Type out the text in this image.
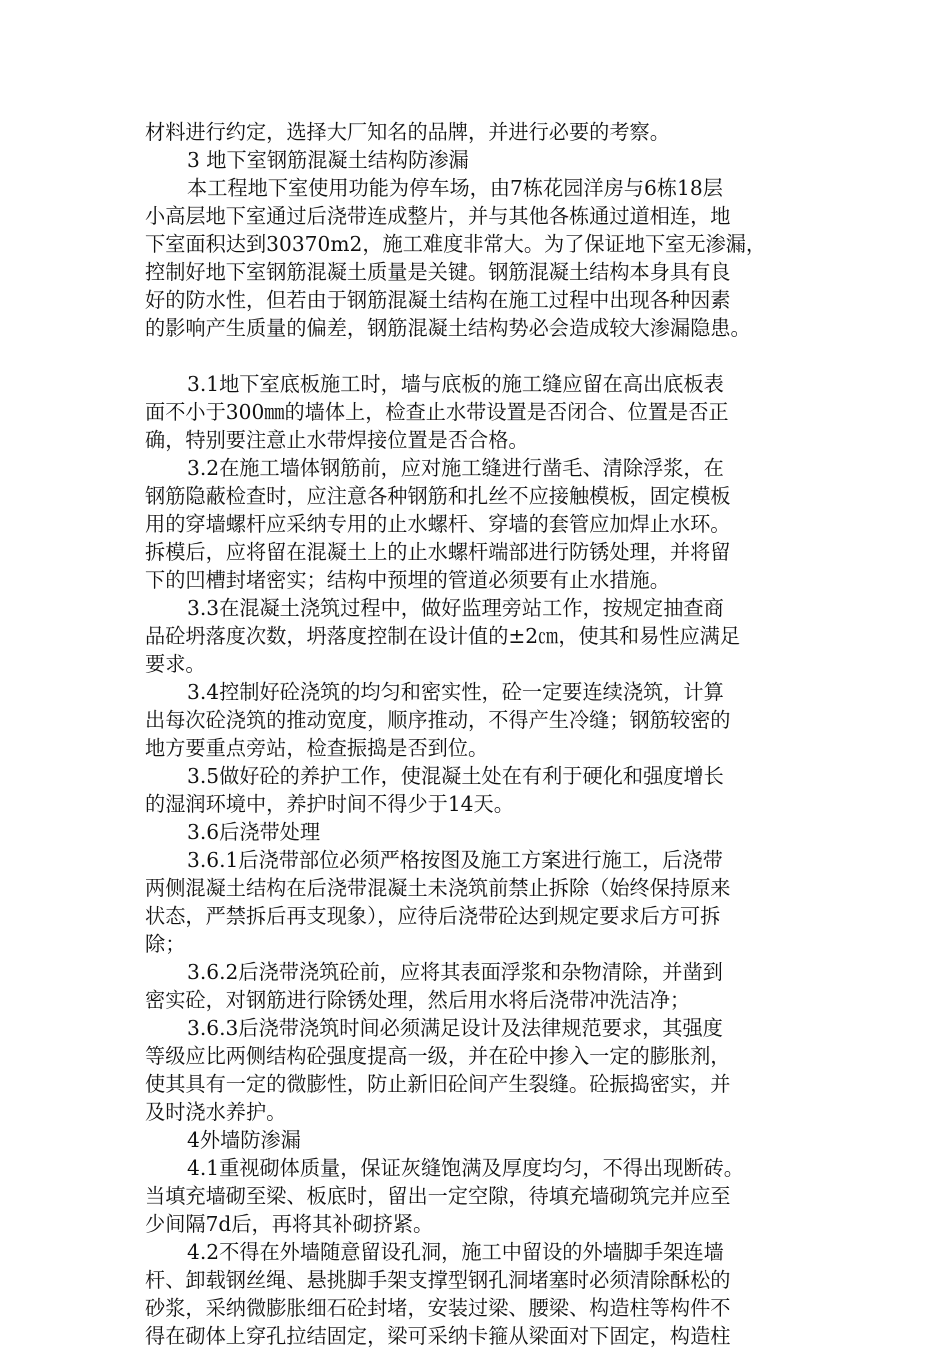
材料进行约定，选择大厂知名的品牌，并进行必要的考察。
3 地下室钢筋混凝土结构防渗漏
本工程地下室使用功能为停车场，由7栋花园洋房与6栋18层
小高层地下室通过后浇带连成整片，并与其他各栋通过道相连，地
下室面积达到30370m2，施工难度非常大。为了保证地下室无渗漏，
控制好地下室钢筋混凝土质量是关键。钢筋混凝土结构本身具有良
好的防水性，但若由于钢筋混凝土结构在施工过程中出现各种因素
的影响产生质量的偏差，钢筋混凝土结构势必会造成较大渗漏隐患。
3.1地下室底板施工时，墙与底板的施工缝应留在高出底板表
面不小于300㎜的墙体上，检查止水带设置是否闭合、位置是否正
确，特别要注意止水带焊接位置是否合格。
3.2在施工墙体钢筋前，应对施工缝进行凿毛、清除浮浆，在
钢筋隐蔽检查时，应注意各种钢筋和扎丝不应接触模板，固定模板
用的穿墙螺杆应采纳专用的止水螺杆、穿墙的套管应加焊止水环。
拆模后，应将留在混凝土上的止水螺杆端部进行防锈处理，并将留
下的凹槽封堵密实；结构中预埋的管道必须要有止水措施。
3.3在混凝土浇筑过程中，做好监理旁站工作，按规定抽查商
品砼坍落度次数，坍落度控制在设计值的±2㎝，使其和易性应满足
要求。
3.4控制好砼浇筑的均匀和密实性，砼一定要连续浇筑，计算
出每次砼浇筑的推动宽度，顺序推动，不得产生冷缝；钢筋较密的
地方要重点旁站，检查振捣是否到位。
3.5做好砼的养护工作，使混凝土处在有利于硬化和强度增长
的湿润环境中，养护时间不得少于14天。
3.6后浇带处理
3.6.1后浇带部位必须严格按图及施工方案进行施工，后浇带
两侧混凝土结构在后浇带混凝土未浇筑前禁止拆除（始终保持原来
状态，严禁拆后再支现象），应待后浇带砼达到规定要求后方可拆
除；
3.6.2后浇带浇筑砼前，应将其表面浮浆和杂物清除，并凿到
密实砼，对钢筋进行除锈处理，然后用水将后浇带冲洗洁净；
3.6.3后浇带浇筑时间必须满足设计及法律规范要求，其强度
等级应比两侧结构砼强度提高一级，并在砼中掺入一定的膨胀剂，
使其具有一定的微膨性，防止新旧砼间产生裂缝。砼振捣密实，并
及时浇水养护。
4外墙防渗漏
4.1重视砌体质量，保证灰缝饱满及厚度均匀，不得出现断砖。
当填充墙砌至梁、板底时，留出一定空隙，待填充墙砌筑完并应至
少间隔7d后，再将其补砌挤紧。
4.2不得在外墙随意留设孔洞，施工中留设的外墙脚手架连墙
杆、卸载钢丝绳、悬挑脚手架支撑型钢孔洞堵塞时必须清除酥松的
砂浆，采纳微膨胀细石砼封堵，安装过梁、腰梁、构造柱等构件不
得在砌体上穿孔拉结固定，梁可采纳卡箍从梁面对下固定，构造柱
